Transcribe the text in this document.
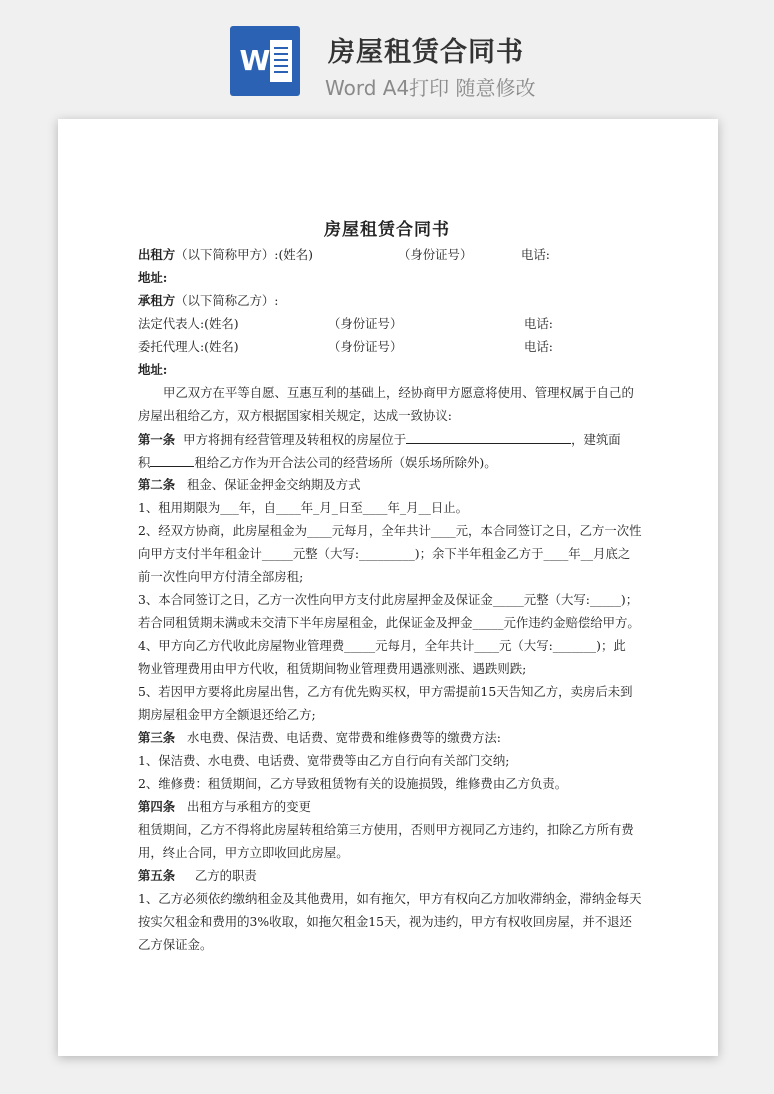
W 房屋租赁合同书
Word A4打印 随意修改
房屋租赁合同书
出租方（以下简称甲方）:(姓名)	（身份证号）	电话:
地址:
承租方（以下简称乙方）:
法定代表人:(姓名)	（身份证号）	电话:
委托代理人:(姓名)	（身份证号）	电话:
地址:
甲乙双方在平等自愿、互惠互利的基础上，经协商甲方愿意将使用、管理权属于自己的
房屋出租给乙方，双方根据国家相关规定，达成一致协议:
第一条 甲方将拥有经营管理及转租权的房屋位于	，建筑面
积	租给乙方作为开合法公司的经营场所（娱乐场所除外)。
第二条 租金、保证金押金交纳期及方式
1、租用期限为___年，自____年_月_日至____年_月__日止。
2、经双方协商，此房屋租金为____元每月，全年共计____元，本合同签订之日，乙方一次性
向甲方支付半年租金计_____元整（大写:_________)；余下半年租金乙方于____年__月底之
前一次性向甲方付清全部房租;
3、本合同签订之日，乙方一次性向甲方支付此房屋押金及保证金_____元整（大写:_____)；
若合同租赁期未满或未交清下半年房屋租金，此保证金及押金_____元作违约金赔偿给甲方。
4、甲方向乙方代收此房屋物业管理费_____元每月，全年共计____元（大写:_______)；此
物业管理费用由甲方代收，租赁期间物业管理费用遇涨则涨、遇跌则跌;
5、若因甲方要将此房屋出售，乙方有优先购买权，甲方需提前15天告知乙方，卖房后未到
期房屋租金甲方全额退还给乙方;
第三条 水电费、保洁费、电话费、宽带费和维修费等的缴费方法:
1、保洁费、水电费、电话费、宽带费等由乙方自行向有关部门交纳;
2、维修费：租赁期间，乙方导致租赁物有关的设施损毁，维修费由乙方负责。
第四条 出租方与承租方的变更
租赁期间，乙方不得将此房屋转租给第三方使用，否则甲方视同乙方违约，扣除乙方所有费
用，终止合同，甲方立即收回此房屋。
第五条 乙方的职责
1、乙方必须依约缴纳租金及其他费用，如有拖欠，甲方有权向乙方加收滞纳金，滞纳金每天
按实欠租金和费用的3%收取，如拖欠租金15天，视为违约，甲方有权收回房屋，并不退还
乙方保证金。
